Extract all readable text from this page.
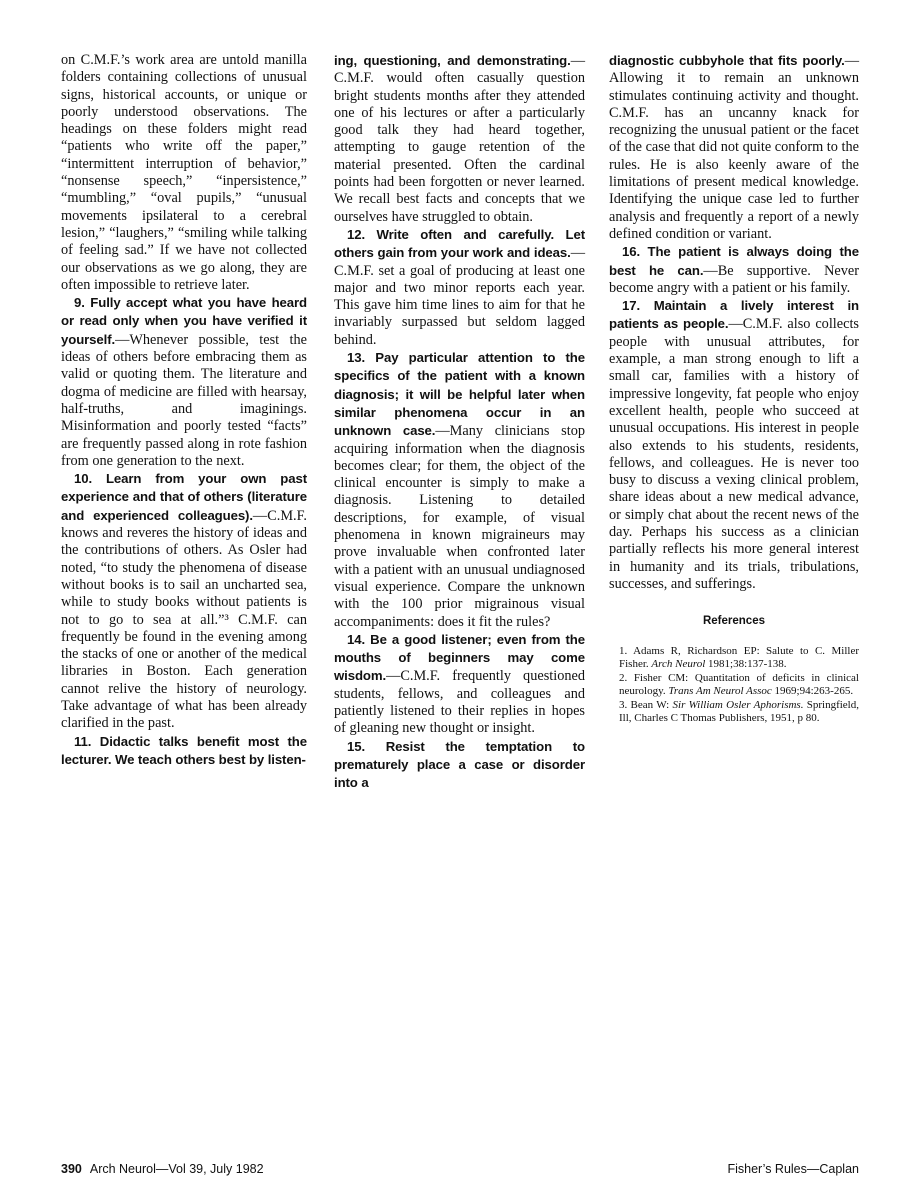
on C.M.F.’s work area are untold manilla folders containing collections of unusual signs, historical accounts, or unique or poorly understood observations. The headings on these folders might read “patients who write off the paper,” “intermittent interruption of behavior,” “nonsense speech,” “inpersistence,” “mumbling,” “oval pupils,” “unusual movements ipsilateral to a cerebral lesion,” “laughers,” “smiling while talking of feeling sad.” If we have not collected our observations as we go along, they are often impossible to retrieve later.

9. Fully accept what you have heard or read only when you have verified it yourself.—Whenever possible, test the ideas of others before embracing them as valid or quoting them. The literature and dogma of medicine are filled with hearsay, half-truths, and imaginings. Misinformation and poorly tested “facts” are frequently passed along in rote fashion from one generation to the next.

10. Learn from your own past experience and that of others (literature and experienced colleagues).—C.M.F. knows and reveres the history of ideas and the contributions of others. As Osler had noted, “to study the phenomena of disease without books is to sail an uncharted sea, while to study books without patients is not to go to sea at all.”³ C.M.F. can frequently be found in the evening among the stacks of one or another of the medical libraries in Boston. Each generation cannot relive the history of neurology. Take advantage of what has been already clarified in the past.

11. Didactic talks benefit most the lecturer. We teach others best by listen-

ing, questioning, and demonstrating.—C.M.F. would often casually question bright students months after they attended one of his lectures or after a particularly good talk they had heard together, attempting to gauge retention of the material presented. Often the cardinal points had been forgotten or never learned. We recall best facts and concepts that we ourselves have struggled to obtain.

12. Write often and carefully. Let others gain from your work and ideas.—C.M.F. set a goal of producing at least one major and two minor reports each year. This gave him time lines to aim for that he invariably surpassed but seldom lagged behind.

13. Pay particular attention to the specifics of the patient with a known diagnosis; it will be helpful later when similar phenomena occur in an unknown case.—Many clinicians stop acquiring information when the diagnosis becomes clear; for them, the object of the clinical encounter is simply to make a diagnosis. Listening to detailed descriptions, for example, of visual phenomena in known migraineurs may prove invaluable when confronted later with a patient with an unusual undiagnosed visual experience. Compare the unknown with the 100 prior migrainous visual accompaniments: does it fit the rules?

14. Be a good listener; even from the mouths of beginners may come wisdom.—C.M.F. frequently questioned students, fellows, and colleagues and patiently listened to their replies in hopes of gleaning new thought or insight.

15. Resist the temptation to prematurely place a case or disorder into a

diagnostic cubbyhole that fits poorly.—Allowing it to remain an unknown stimulates continuing activity and thought. C.M.F. has an uncanny knack for recognizing the unusual patient or the facet of the case that did not quite conform to the rules. He is also keenly aware of the limitations of present medical knowledge. Identifying the unique case led to further analysis and frequently a report of a newly defined condition or variant.

16. The patient is always doing the best he can.—Be supportive. Never become angry with a patient or his family.

17. Maintain a lively interest in patients as people.—C.M.F. also collects people with unusual attributes, for example, a man strong enough to lift a small car, families with a history of impressive longevity, fat people who enjoy excellent health, people who succeed at unusual occupations. His interest in people also extends to his students, residents, fellows, and colleagues. He is never too busy to discuss a vexing clinical problem, share ideas about a new medical advance, or simply chat about the recent news of the day. Perhaps his success as a clinician partially reflects his more general interest in humanity and its trials, tribulations, successes, and sufferings.

References

1. Adams R, Richardson EP: Salute to C. Miller Fisher. Arch Neurol 1981;38:137-138.

2. Fisher CM: Quantitation of deficits in clinical neurology. Trans Am Neurol Assoc 1969;94:263-265.

3. Bean W: Sir William Osler Aphorisms. Springfield, Ill, Charles C Thomas Publishers, 1951, p 80.

390 Arch Neurol—Vol 39, July 1982	Fisher’s Rules—Caplan
